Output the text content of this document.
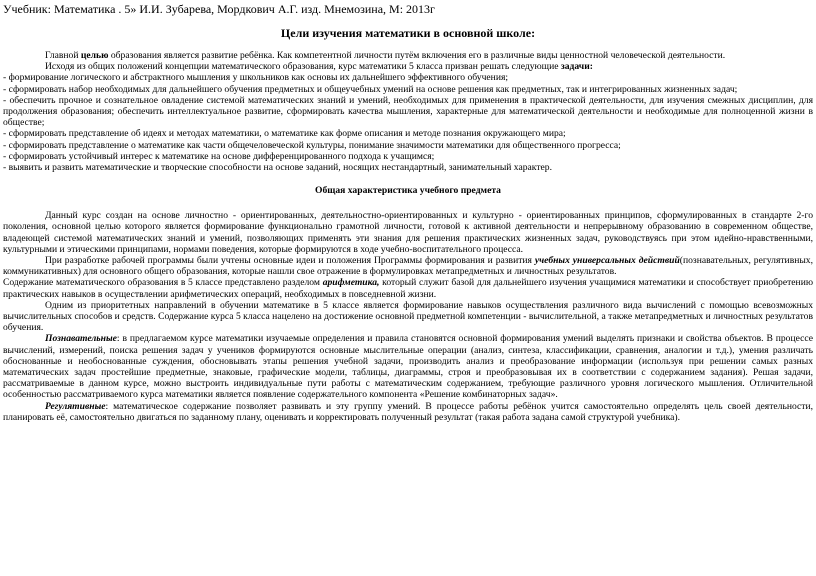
Учебник: Математика . 5» И.И. Зубарева, Мордкович А.Г. изд. Мнемозина, М: 2013г
Цели изучения математики в основной школе:

Главной целью образования является развитие ребёнка. Как компетентной личности путём включения его в различные виды ценностной человеческой деятельности.

Исходя из общих положений концепции математического образования, курс математики 5 класса призван решать следующие задачи:

- формирование логического и абстрактного мышления у школьников как основы их дальнейшего эффективного обучения;

- сформировать набор необходимых для дальнейшего обучения предметных и общеучебных умений на основе решения как предметных, так и интегрированных жизненных задач;

- обеспечить прочное и сознательное овладение системой математических знаний и умений, необходимых для применения в практической деятельности, для изучения смежных дисциплин, для продолжения образования; обеспечить интеллектуальное развитие, сформировать качества мышления, характерные для математической деятельности и необходимые для полноценной жизни в обществе;

- сформировать представление об идеях и методах математики, о математике как форме описания и методе познания окружающего мира;

- сформировать представление о математике как части общечеловеческой культуры, понимание значимости математики для общественного прогресса;

- сформировать устойчивый интерес к математике на основе дифференцированного подхода к учащимся;

- выявить и развить математические и творческие способности на основе заданий, носящих нестандартный, занимательный характер.

Общая характеристика учебного предмета

Данный курс создан на основе личностно - ориентированных, деятельностно-ориентированных и культурно - ориентированных принципов, сформулированных в стандарте 2-го поколения, основной целью которого является формирование функционально грамотной личности, готовой к активной деятельности и непрерывному образованию в современном обществе, владеющей системой математических знаний и умений, позволяющих применять эти знания для решения практических жизненных задач, руководствуясь при этом идейно-нравственными, культурными и этическими принципами, нормами поведения, которые формируются в ходе учебно-воспитательного процесса.

При разработке рабочей программы были учтены основные идеи и положения Программы формирования и развития учебных универсальных действий(познавательных, регулятивных, коммуникативных) для основного общего образования, которые нашли свое отражение в формулировках метапредметных и личностных результатов.

Содержание математического образования в 5 классе представлено разделом арифметика, который служит базой для дальнейшего изучения учащимися математики и способствует приобретению практических навыков в осуществлении арифметических операций, необходимых в повседневной жизни.

Одним из приоритетных направлений в обучении математике в 5 классе является формирование навыков осуществления различного вида вычислений с помощью всевозможных вычислительных способов и средств. Содержание курса 5 класса нацелено на достижение основной предметной компетенции - вычислительной, а также метапредметных и личностных результатов обучения.

Познавательные: в предлагаемом курсе математики изучаемые определения и правила становятся основной формирования умений выделять признаки и свойства объектов. В процессе вычислений, измерений, поиска решения задач у учеников формируются основные мыслительные операции (анализ, синтеза, классификации, сравнения, аналогии и т.д.), умения различать обоснованные и необоснованные суждения, обосновывать этапы решения учебной задачи, производить анализ и преобразование информации (используя при решении самых разных математических задач простейшие предметные, знаковые, графические модели, таблицы, диаграммы, строя и преобразовывая их в соответствии с содержанием задания). Решая задачи, рассматриваемые в данном курсе, можно выстроить индивидуальные пути работы с математическим содержанием, требующие различного уровня логического мышления. Отличительной особенностью рассматриваемого курса математики является появление содержательного компонента «Решение комбинаторных задач».

Регулятивные: математическое содержание позволяет развивать и эту группу умений. В процессе работы ребёнок учится самостоятельно определять цель своей деятельности, планировать её, самостоятельно двигаться по заданному плану, оценивать и корректировать полученный результат (такая работа задана самой структурой учебника).
